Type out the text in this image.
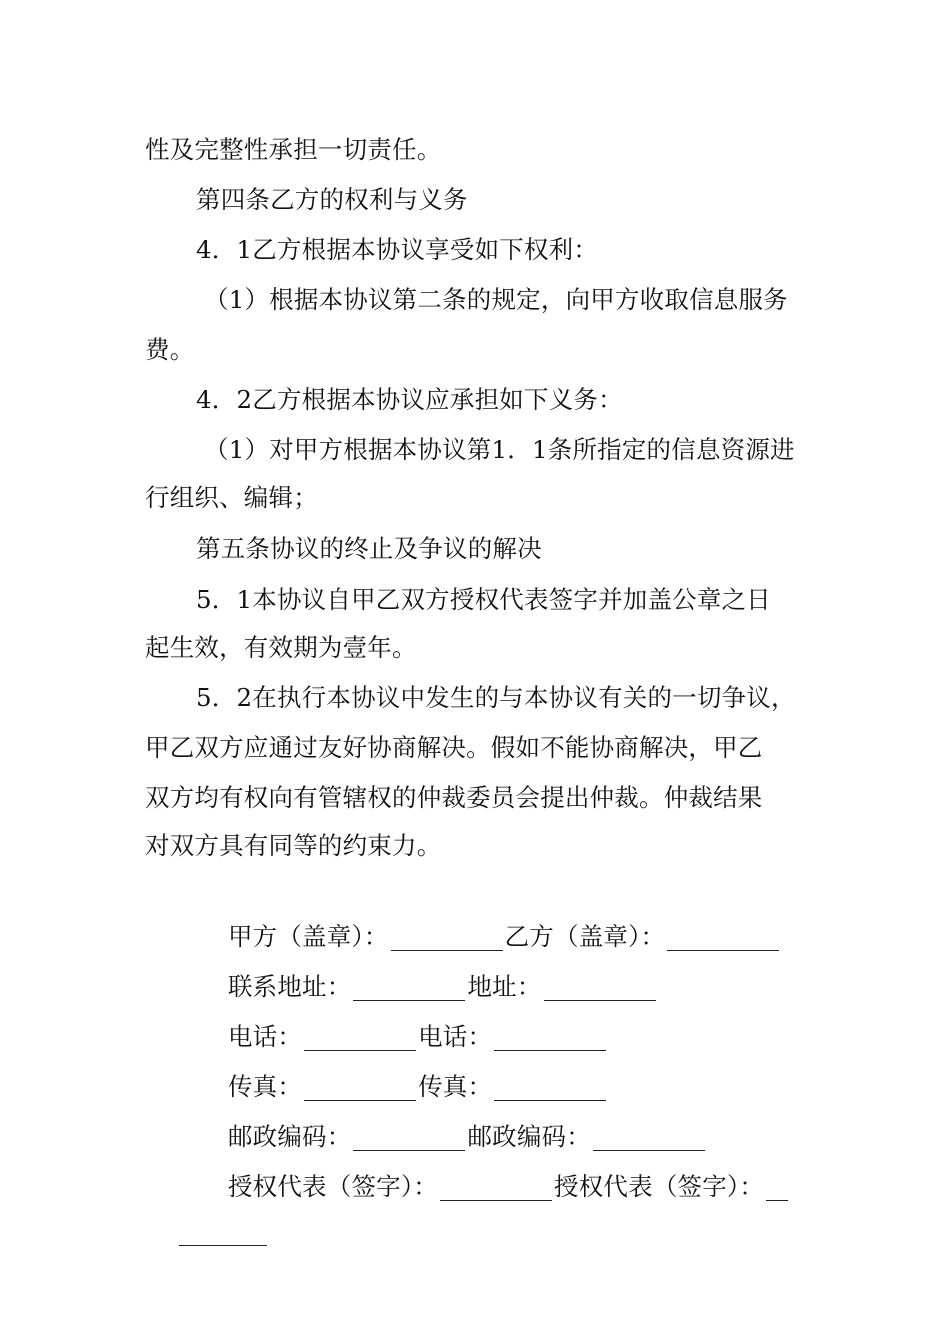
性及完整性承担一切责任。
第四条乙方的权利与义务
4．1乙方根据本协议享受如下权利：
（1）根据本协议第二条的规定，向甲方收取信息服务
费。
4．2乙方根据本协议应承担如下义务：
（1）对甲方根据本协议第1．1条所指定的信息资源进
行组织、编辑；
第五条协议的终止及争议的解决
5．1本协议自甲乙双方授权代表签字并加盖公章之日
起生效，有效期为壹年。
5．2在执行本协议中发生的与本协议有关的一切争议，
甲乙双方应通过友好协商解决。假如不能协商解决，甲乙
双方均有权向有管辖权的仲裁委员会提出仲裁。仲裁结果
对双方具有同等的约束力。

甲方（盖章）：	乙方（盖章）：

联系地址：	地址：

电话：	电话：

传真：	传真：

邮政编码：	邮政编码：

授权代表（签字）：	授权代表（签字）：
